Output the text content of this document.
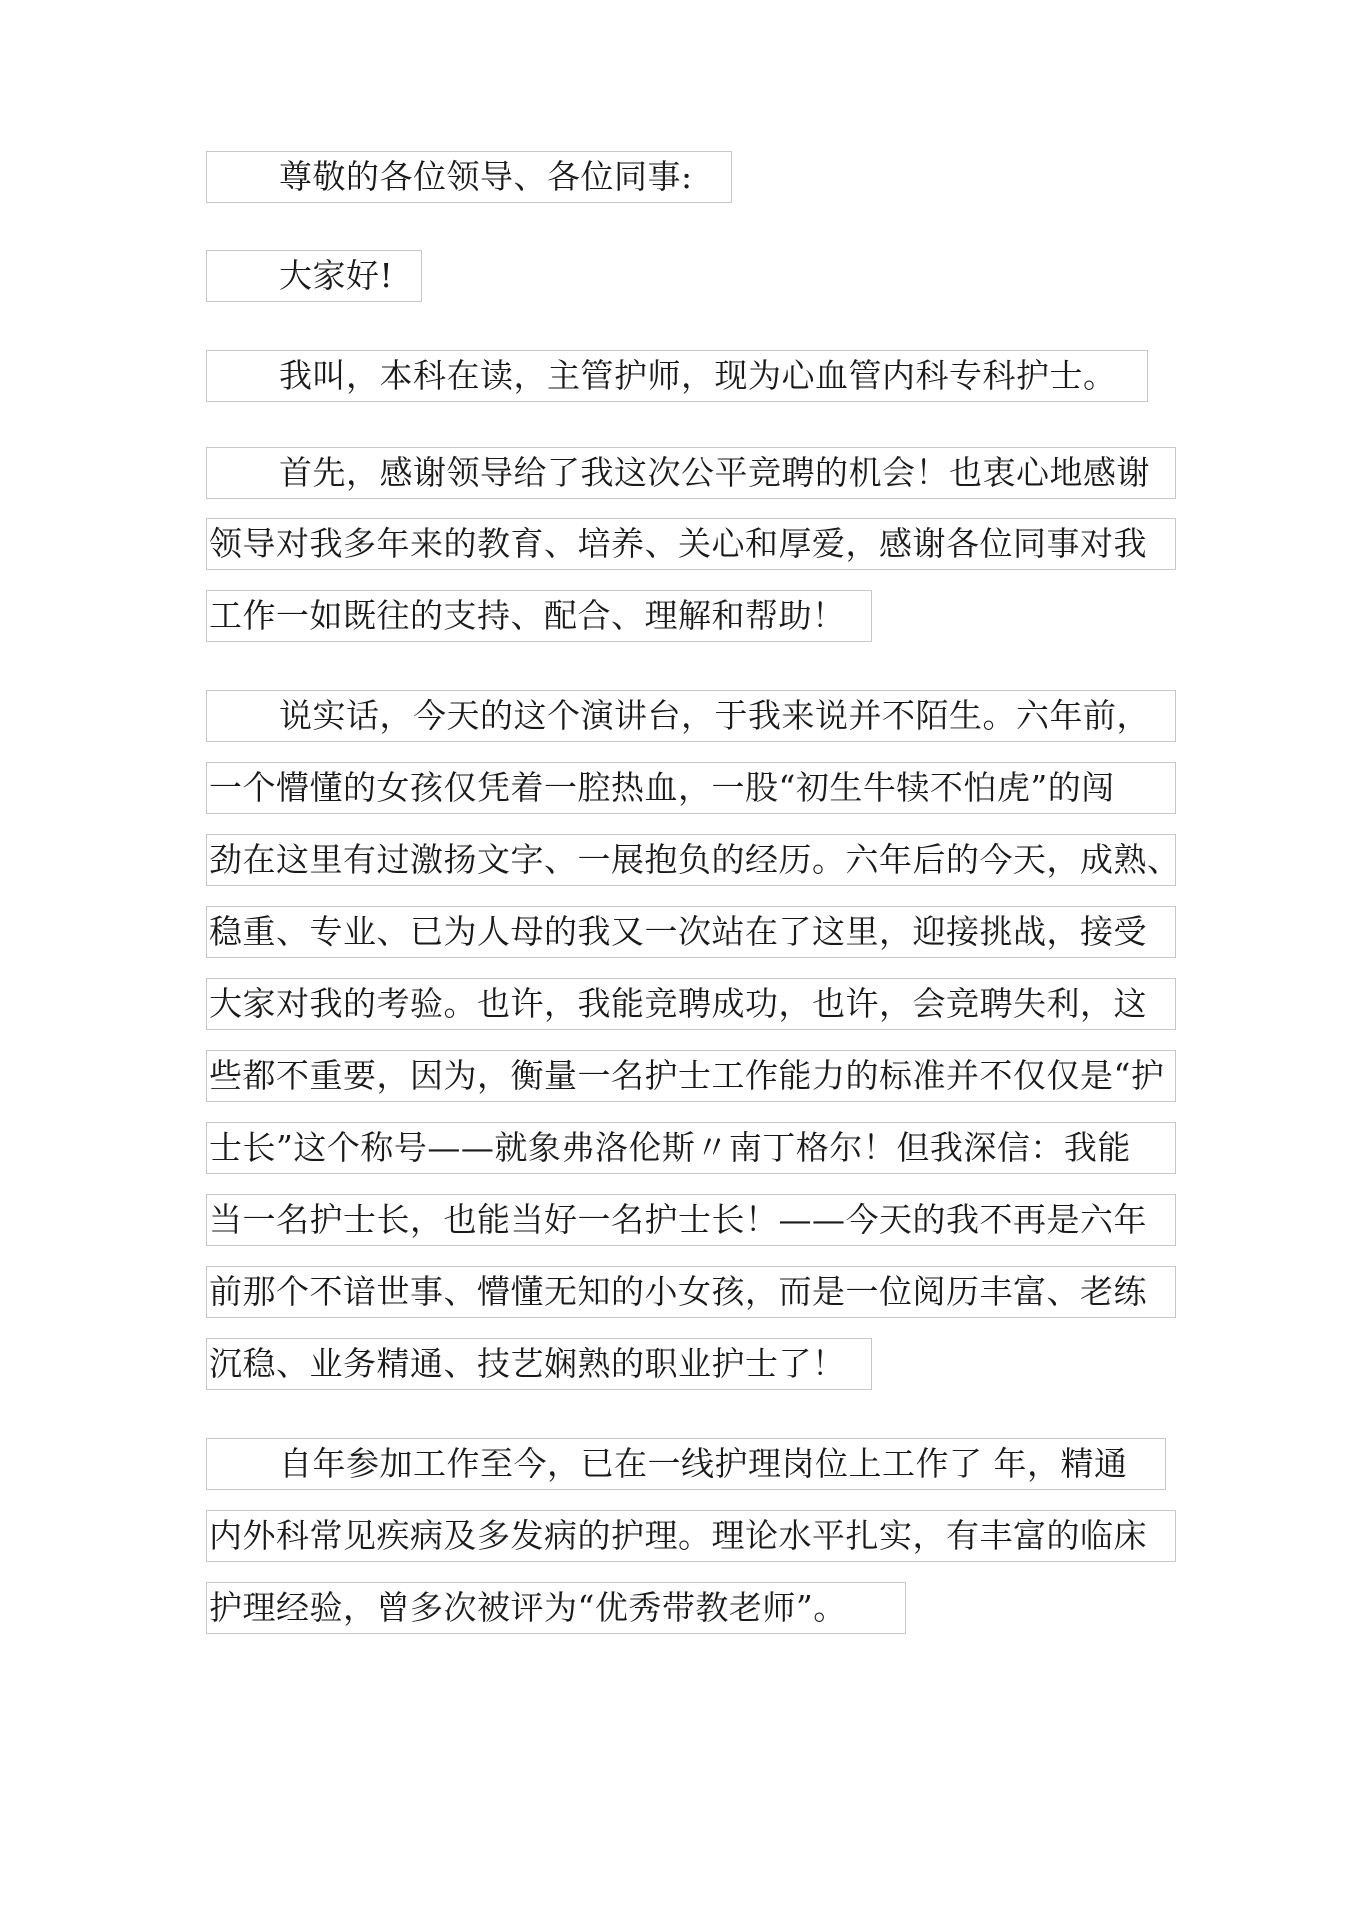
尊敬的各位领导、各位同事:
大家好!
我叫，本科在读，主管护师，现为心血管内科专科护士。
首先，感谢领导给了我这次公平竞聘的机会！也衷心地感谢
领导对我多年来的教育、培养、关心和厚爱，感谢各位同事对我
工作一如既往的支持、配合、理解和帮助！
说实话，今天的这个演讲台，于我来说并不陌生。六年前，
一个懵懂的女孩仅凭着一腔热血，一股“初生牛犊不怕虎”的闯
劲在这里有过激扬文字、一展抱负的经历。六年后的今天，成熟、
稳重、专业、已为人母的我又一次站在了这里，迎接挑战，接受
大家对我的考验。也许，我能竞聘成功，也许，会竞聘失利，这
些都不重要，因为，衡量一名护士工作能力的标准并不仅仅是“护
士长”这个称号——就象弗洛伦斯〃南丁格尔！但我深信：我能
当一名护士长，也能当好一名护士长！——今天的我不再是六年
前那个不谙世事、懵懂无知的小女孩，而是一位阅历丰富、老练
沉稳、业务精通、技艺娴熟的职业护士了！
自年参加工作至今，已在一线护理岗位上工作了 年，精通
内外科常见疾病及多发病的护理。理论水平扎实，有丰富的临床
护理经验，曾多次被评为“优秀带教老师”。
